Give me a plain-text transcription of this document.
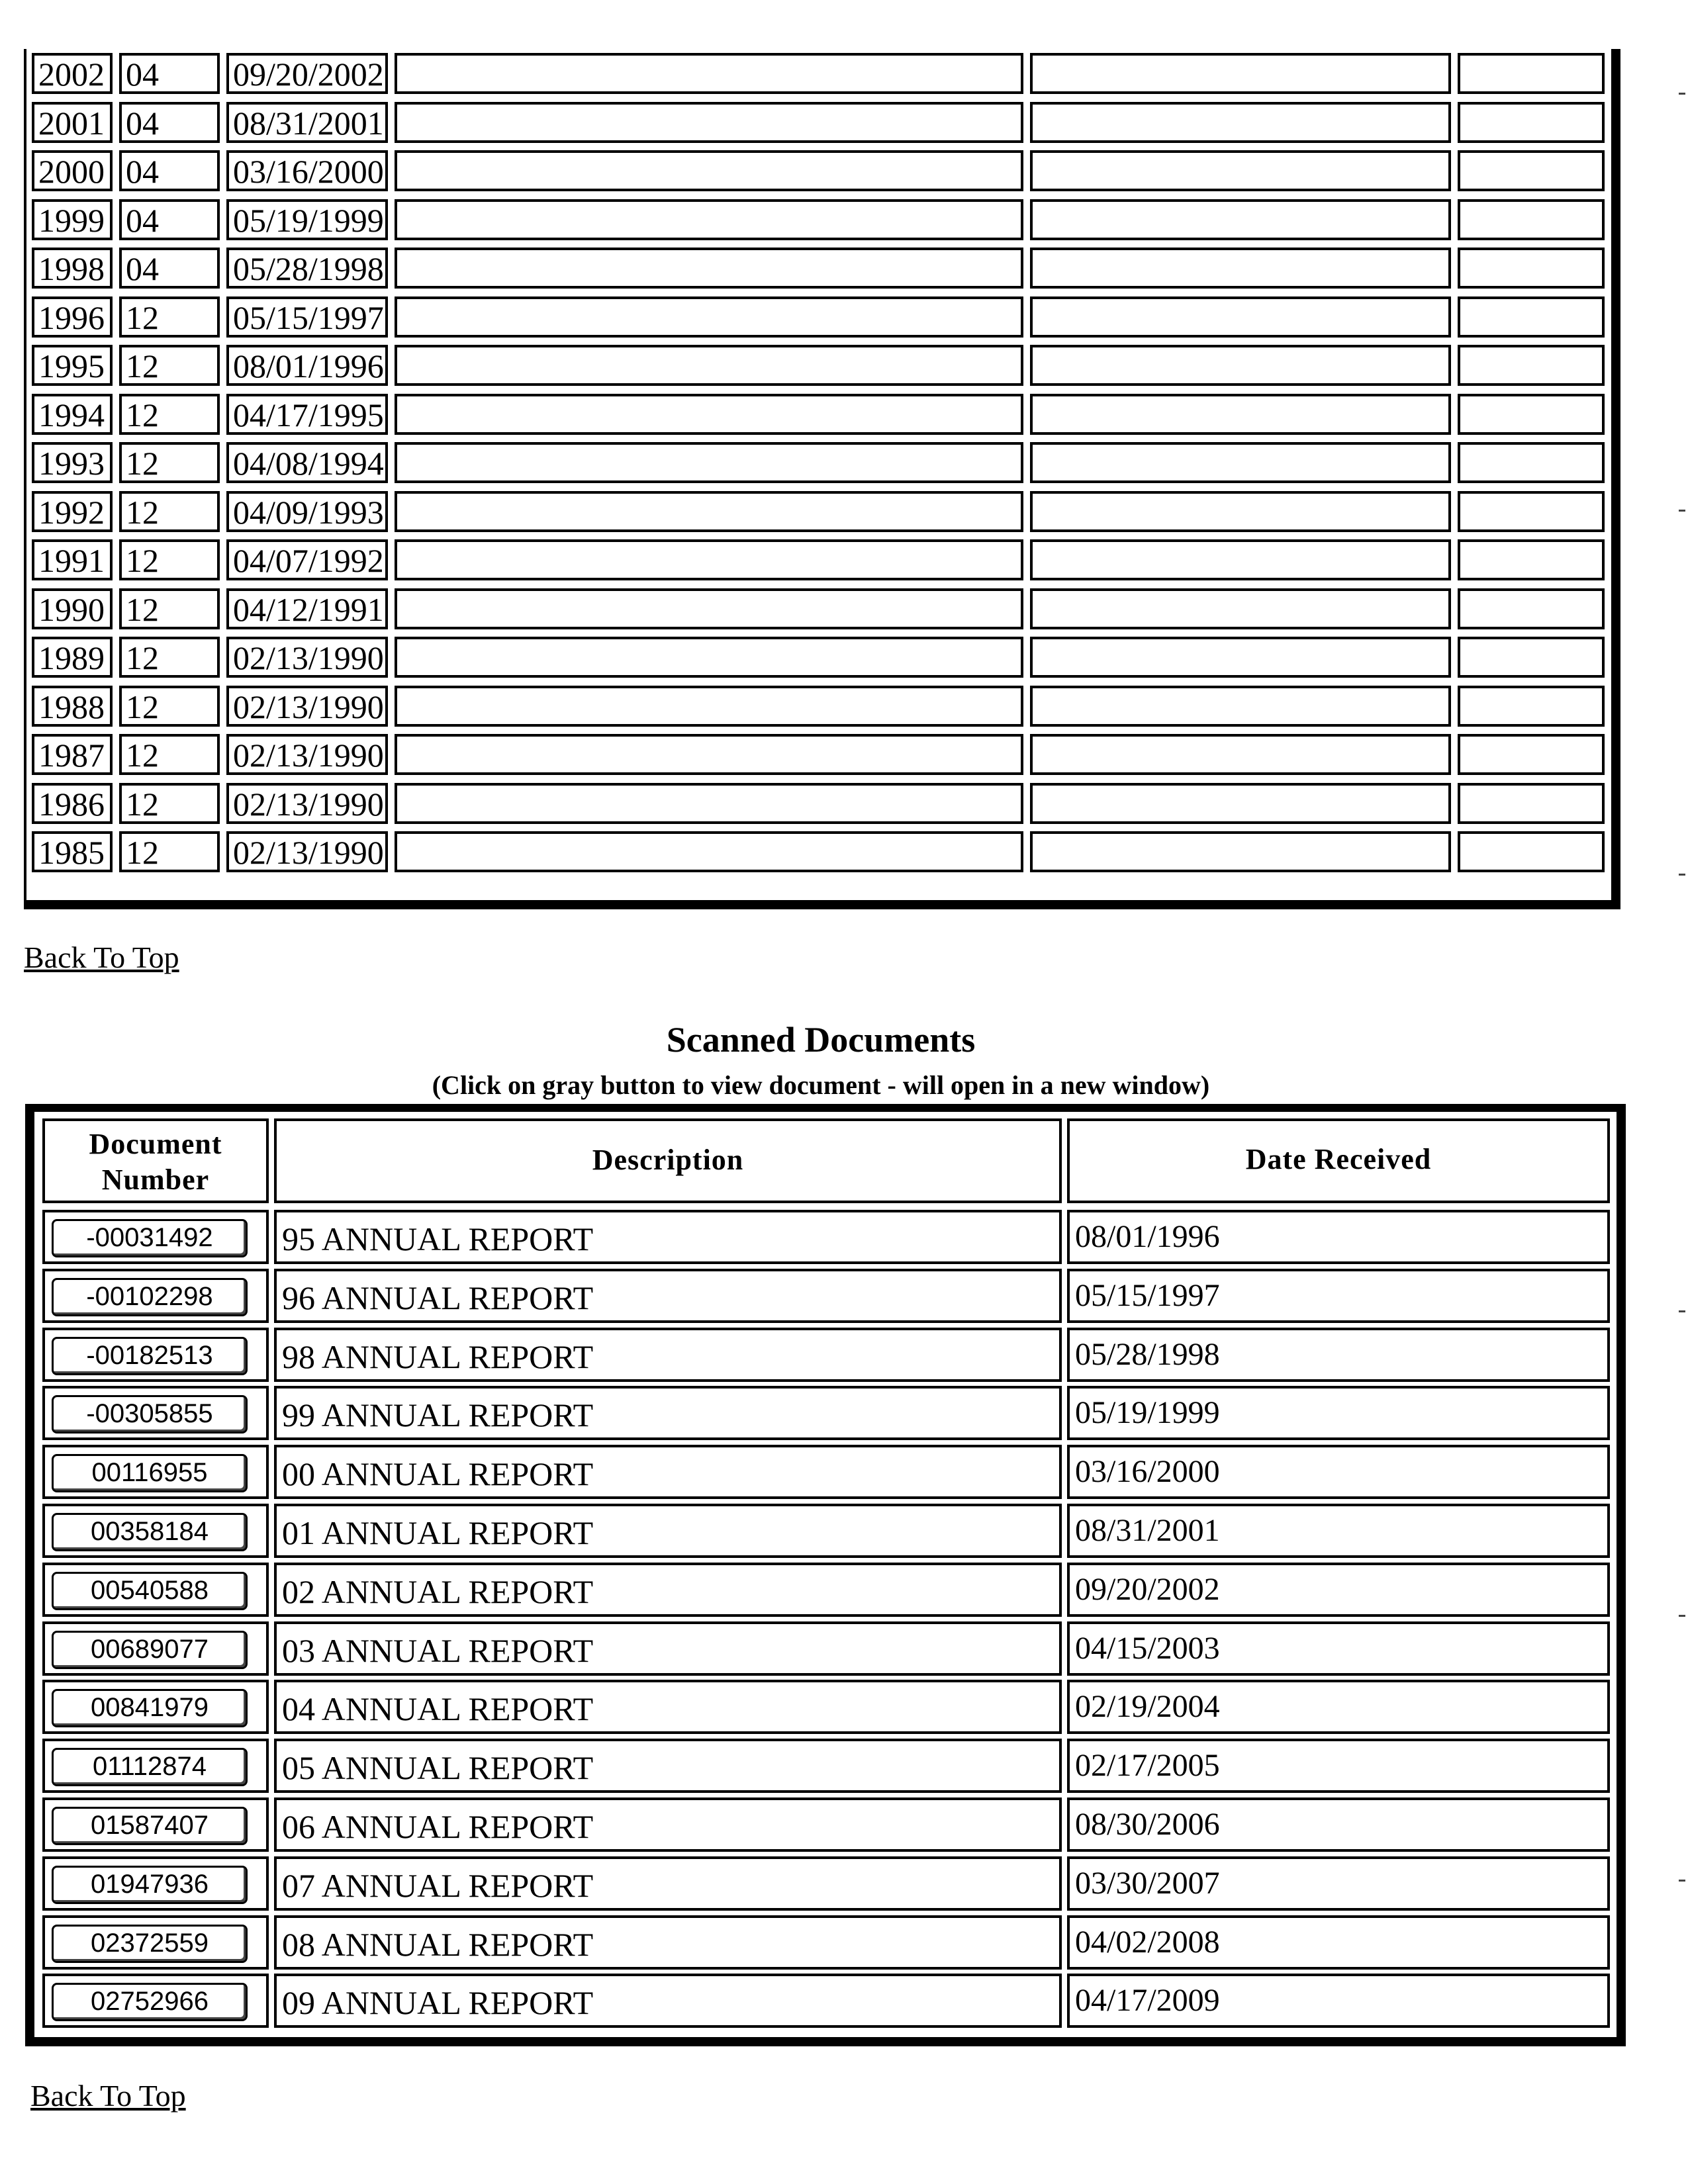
2002 04	09/20/2002
2001 04	08/31/2001
2000 04	03/16/2000
1999 04	05/19/1999
1998 04	05/28/1998
1996 12	05/15/1997
1995 12	08/01/1996
1994 12	04/17/1995
1993 12	04/08/1994
1992 12	04/09/1993
1991 12	04/07/1992
1990 12	04/12/1991
1989 12	02/13/1990
1988 12	02/13/1990
1987 12	02/13/1990
1986 12	02/13/1990
1985 12	02/13/1990
Back To Top
Scanned Documents
(Click on gray button to view document - will open in a new window)
Document
Number
Description	Date Received
-00031492	95 ANNUAL REPORT	08/01/1996
-00102298	96 ANNUAL REPORT	05/15/1997
-00182513	98 ANNUAL REPORT	05/28/1998
-00305855	99 ANNUAL REPORT	05/19/1999
00116955	00 ANNUAL REPORT	03/16/2000
00358184	01 ANNUAL REPORT	08/31/2001
00540588	02 ANNUAL REPORT	09/20/2002
00689077	03 ANNUAL REPORT	04/15/2003
00841979	04 ANNUAL REPORT	02/19/2004
01112874	05 ANNUAL REPORT	02/17/2005
01587407	06 ANNUAL REPORT	08/30/2006
01947936	07 ANNUAL REPORT	03/30/2007
02372559	08 ANNUAL REPORT	04/02/2008
02752966	09 ANNUAL REPORT	04/17/2009
Back To Top
